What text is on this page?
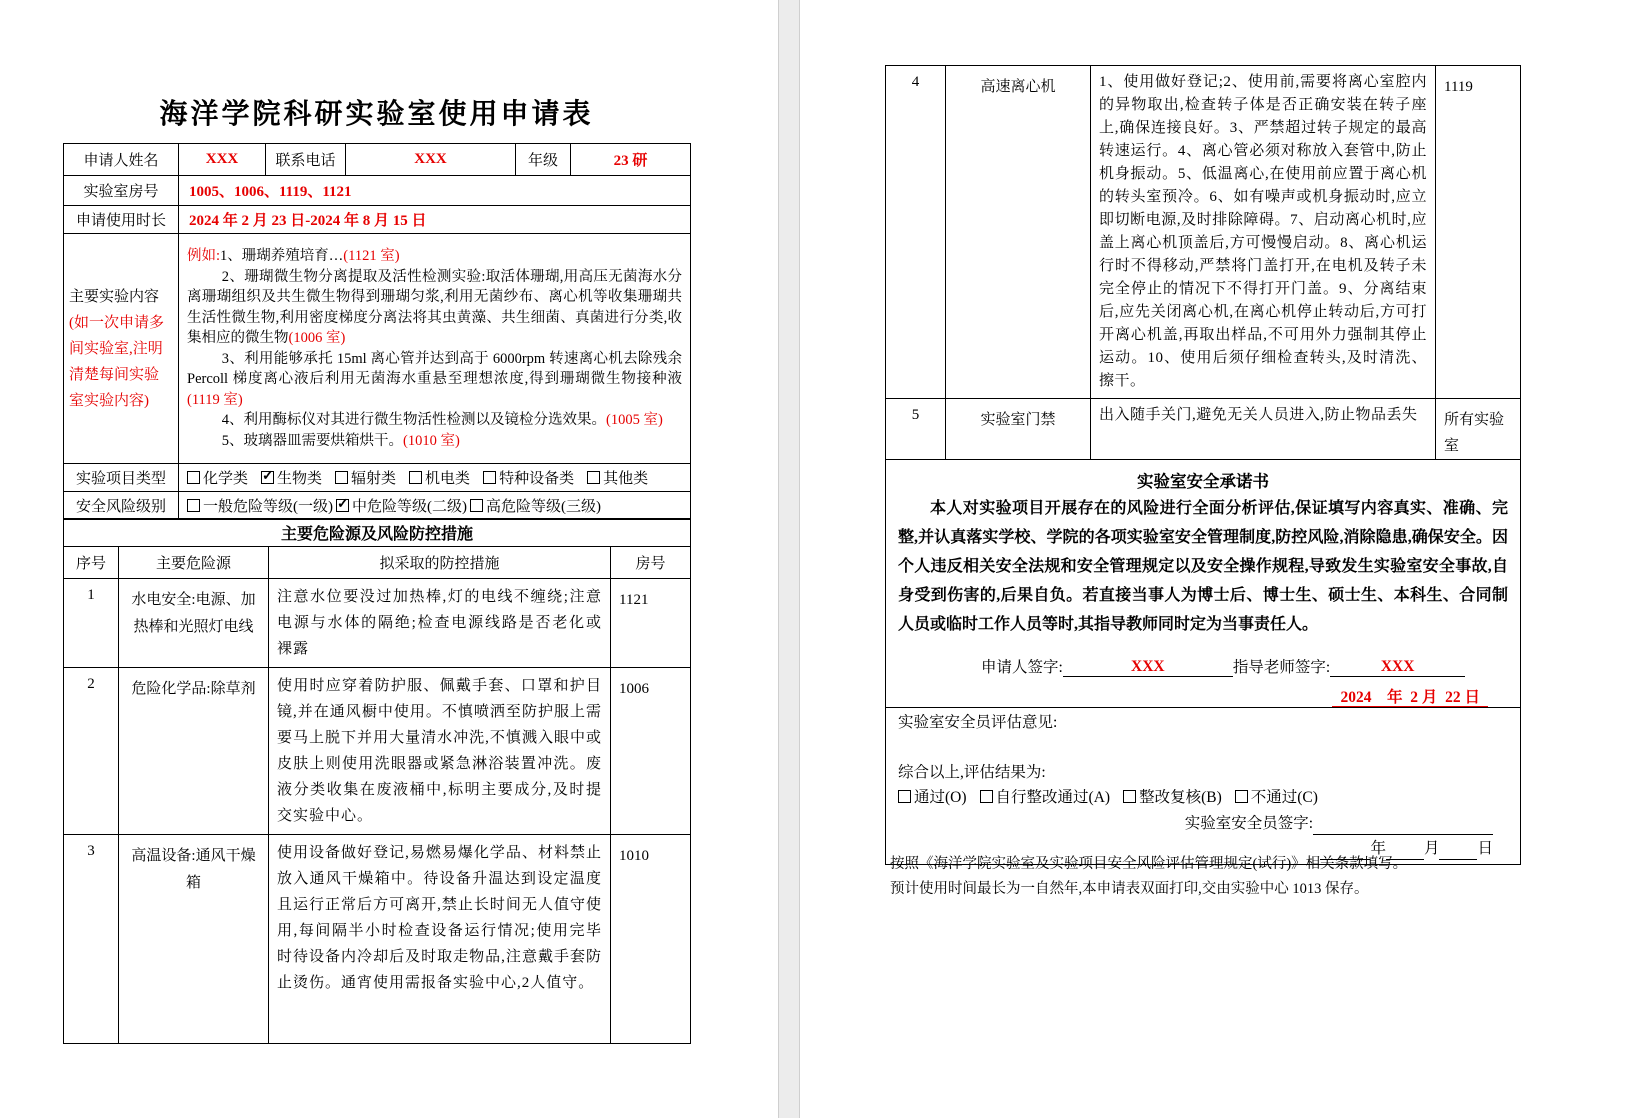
海洋学院科研实验室使用申请表
申请人姓名	XXX	联系电话	XXX	年级	23 研
实验室房号	1005、1006、1119、1121				
申请使用时长	2024 年 2 月 23 日-2024 年 8 月 15 日				
主要实验内容(如一次申请多间实验室,注明清楚每间实验室实验内容)	例如:1、珊瑚养殖培育…(1121 室)

2、珊瑚微生物分离提取及活性检测实验:取活体珊瑚,用高压无菌海水分离珊瑚组织及共生微生物得到珊瑚匀浆,利用无菌纱布、离心机等收集珊瑚共生活性微生物,利用密度梯度分离法将其虫黄藻、共生细菌、真菌进行分类,收集相应的微生物(1006 室)

3、利用能够承托 15ml 离心管并达到高于 6000rpm 转速离心机去除残余 Percoll 梯度离心液后利用无菌海水重悬至理想浓度,得到珊瑚微生物接种液(1119 室)

4、利用酶标仪对其进行微生物活性检测以及镜检分选效果。(1005 室)

5、玻璃器皿需要烘箱烘干。(1010 室)				

实验项目类型	化学类 ✓ 生物类 辐射类 机电类 特种设备类 其他类
安全风险级别	一般危险等级(一级) ✓ 中危险等级(二级) 高危险等级(三级)
主要危险源及风险防控措施			
序号	主要危险源	拟采取的防控措施	房号
1	水电安全:电源、加热棒和光照灯电线	注意水位要没过加热棒,灯的电线不缠绕;注意电源与水体的隔绝;检查电源线路是否老化或裸露	1121
2	危险化学品:除草剂	使用时应穿着防护服、佩戴手套、口罩和护目镜,并在通风橱中使用。不慎喷洒至防护服上需要马上脱下并用大量清水冲洗,不慎溅入眼中或皮肤上则使用洗眼器或紧急淋浴装置冲洗。废液分类收集在废液桶中,标明主要成分,及时提交实验中心。	1006
3	高温设备:通风干燥箱	使用设备做好登记,易燃易爆化学品、材料禁止放入通风干燥箱中。待设备升温达到设定温度且运行正常后方可离开,禁止长时间无人值守使用,每间隔半小时检查设备运行情况;使用完毕时待设备内冷却后及时取走物品,注意戴手套防止烫伤。通宵使用需报备实验中心,2人值守。	1010
4	高速离心机	1、使用做好登记;2、使用前,需要将离心室腔内的异物取出,检查转子体是否正确安装在转子座上,确保连接良好。3、严禁超过转子规定的最高转速运行。4、离心管必须对称放入套管中,防止机身振动。5、低温离心,在使用前应置于离心机的转头室预冷。6、如有噪声或机身振动时,应立即切断电源,及时排除障碍。7、启动离心机时,应盖上离心机顶盖后,方可慢慢启动。8、离心机运行时不得移动,严禁将门盖打开,在电机及转子未完全停止的情况下不得打开门盖。9、分离结束后,应先关闭离心机,在离心机停止转动后,方可打开离心机盖,再取出样品,不可用外力强制其停止运动。10、使用后须仔细检查转头,及时清洗、擦干。	1119
5	实验室门禁	出入随手关门,避免无关人员进入,防止物品丢失	所有实验室

实验室安全承诺书
本人对实验项目开展存在的风险进行全面分析评估,保证填写内容真实、准确、完整,并认真落实学校、学院的各项实验室安全管理制度,防控风险,消除隐患,确保安全。因个人违反相关安全法规和安全管理规定以及安全操作规程,导致发生实验室安全事故,自身受到伤害的,后果自负。若直接当事人为博士后、博士生、硕士生、本科生、合同制人员或临时工作人员等时,其指导教师同时定为当事责任人。
申请人签字: XXX 指导老师签字: XXX
2024    年  2 月  22 日			

实验室安全员评估意见:
综合以上,评估结果为:
通过(O) 自行整改通过(A) 整改复核(B) 不通过(C)
实验室安全员签字:
年 月 日			
按照《海洋学院实验室及实验项目安全风险评估管理规定(试行)》相关条款填写。
预计使用时间最长为一自然年,本申请表双面打印,交由实验中心 1013 保存。
